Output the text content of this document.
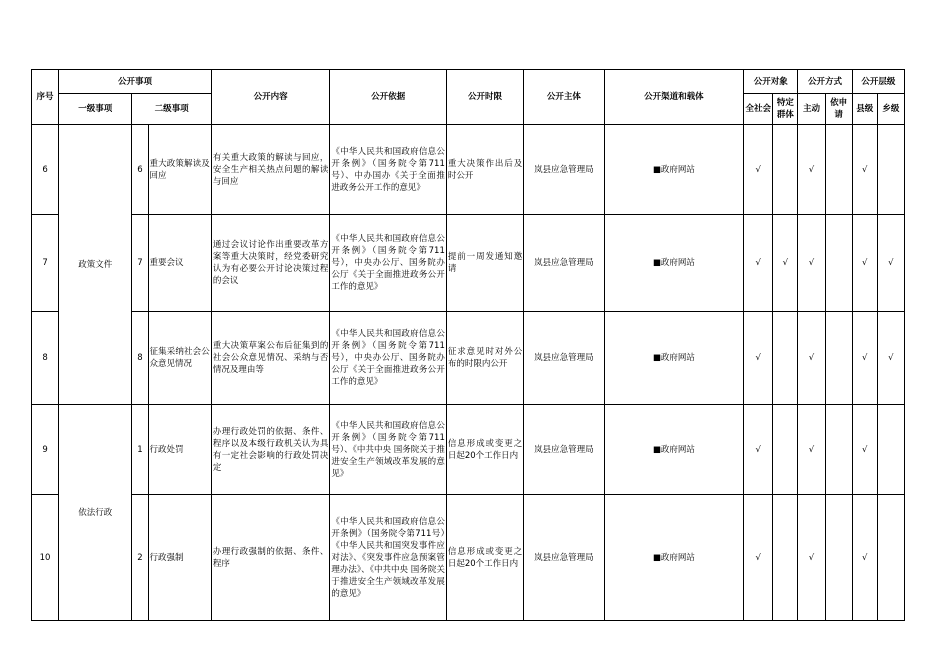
序号	公开事项			公开内容	公开依据	公开时限	公开主体	公开渠道和载体	公开对象		公开方式		公开层级	
	一级事项	二级事项							全社会	特定群体	主动	依申请	县级	乡级
6	政策文件	6	重大政策解读及回应	有关重大政策的解读与回应，安全生产相关热点问题的解读与回应	《中华人民共和国政府信息公开条例》（国务院令第711号）、中办国办《关于全面推进政务公开工作的意见》	重大决策作出后及时公开	岚县应急管理局	■政府网站	√		√		√	
7		7	重要会议	通过会议讨论作出重要改革方案等重大决策时，经党委研究认为有必要公开讨论决策过程的会议	《中华人民共和国政府信息公开条例》（国务院令第711号），中央办公厅、国务院办公厅《关于全面推进政务公开工作的意见》	提前一周发通知邀请	岚县应急管理局	■政府网站	√	√	√		√	√
8		8	征集采纳社会公众意见情况	重大决策草案公布后征集到的社会公众意见情况、采纳与否情况及理由等	《中华人民共和国政府信息公开条例》（国务院令第711号），中央办公厅、国务院办公厅《关于全面推进政务公开工作的意见》	征求意见时对外公布的时限内公开	岚县应急管理局	■政府网站	√		√		√	√
9	依法行政	1	行政处罚	办理行政处罚的依据、条件、程序以及本级行政机关认为具有一定社会影响的行政处罚决定	《中华人民共和国政府信息公开条例》（国务院令第711号）、《中共中央 国务院关于推进安全生产领域改革发展的意见》	信息形成或变更之日起20个工作日内	岚县应急管理局	■政府网站	√		√		√	
10		2	行政强制	办理行政强制的依据、条件、程序	《中华人民共和国政府信息公开条例》（国务院令第711号）《中华人民共和国突发事件应对法》、《突发事件应急预案管理办法》、《中共中央 国务院关于推进安全生产领域改革发展的意见》	信息形成或变更之日起20个工作日内	岚县应急管理局	■政府网站	√		√		√	
